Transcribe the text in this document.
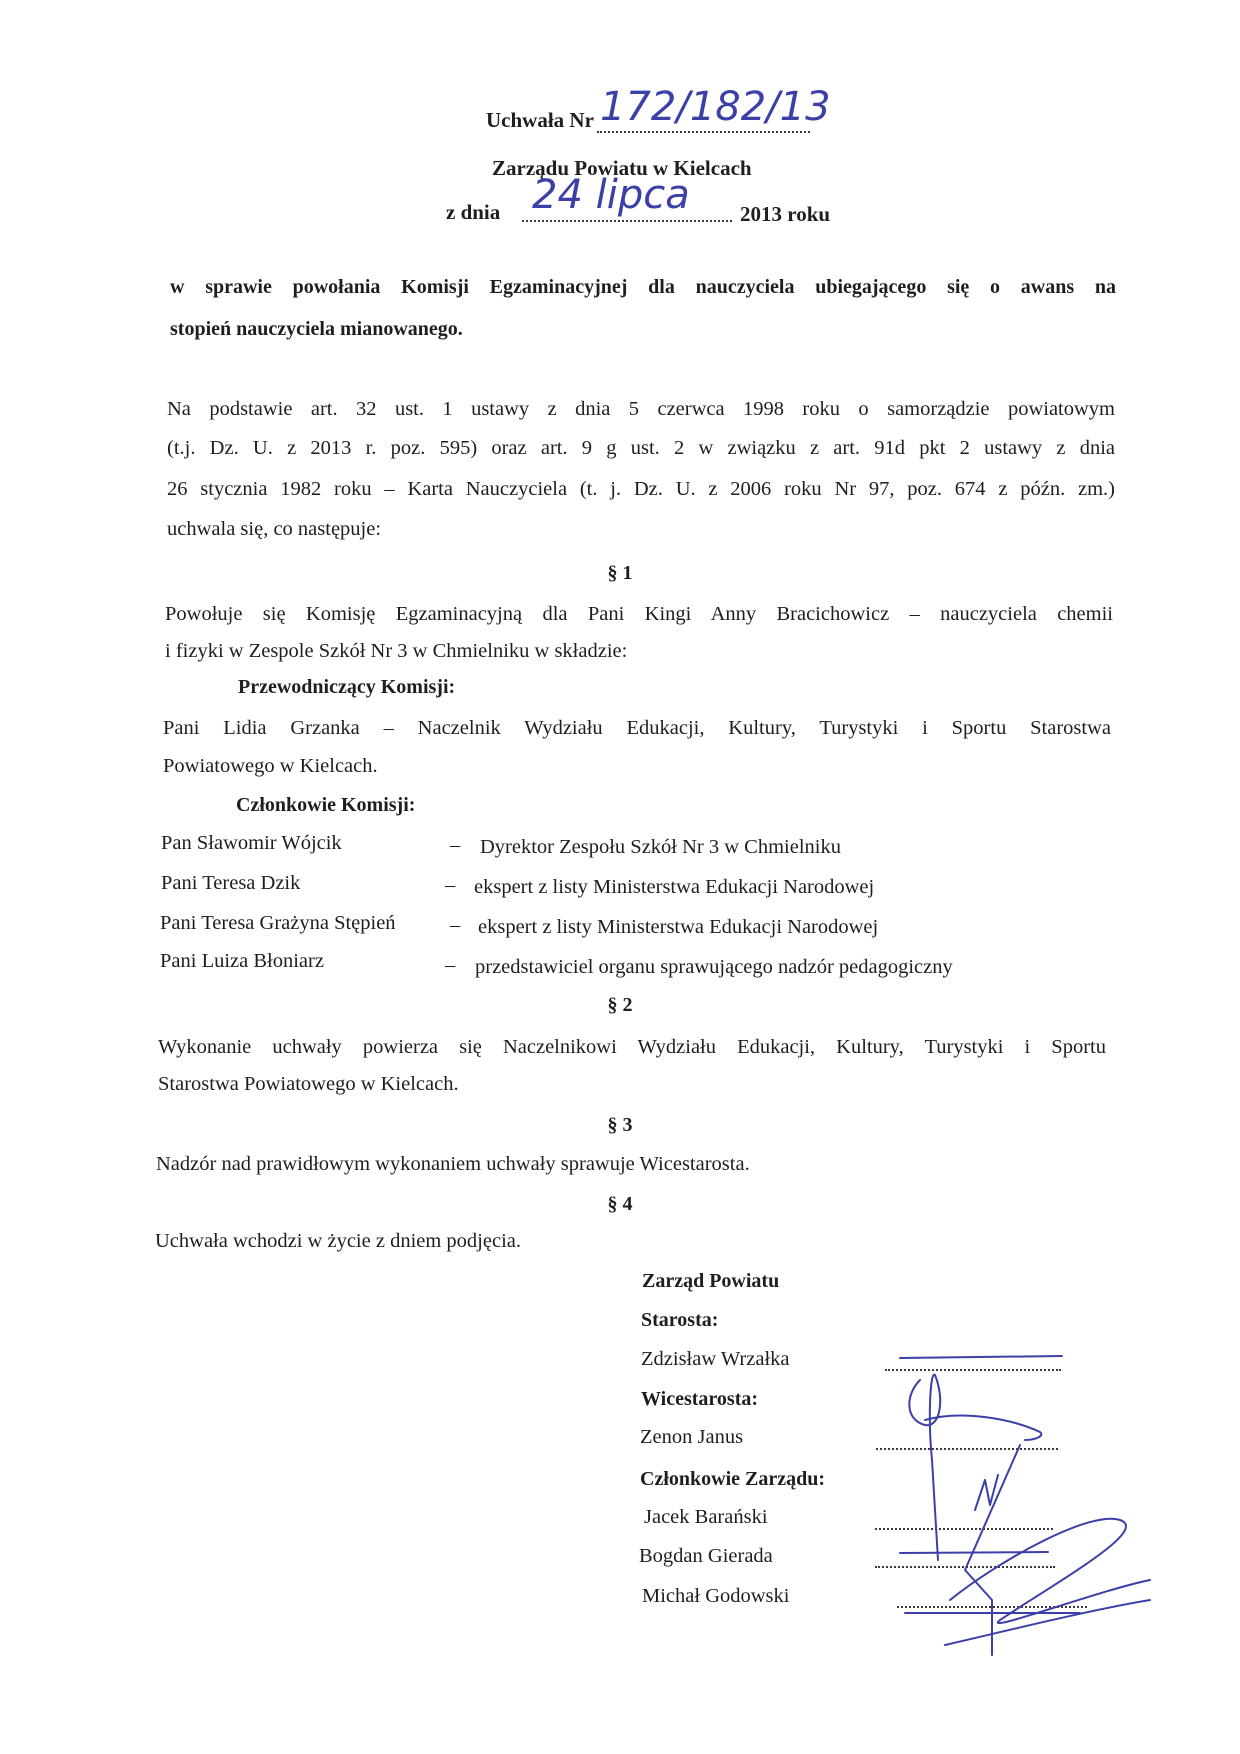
Uchwała Nr 172/182/13
Zarządu Powiatu w Kielcach
z dnia 24 lipca 2013 roku
w sprawie powołania Komisji Egzaminacyjnej dla nauczyciela ubiegającego się o awans na
stopień nauczyciela mianowanego.
Na podstawie art. 32 ust. 1 ustawy z dnia 5 czerwca 1998 roku o samorządzie powiatowym
(t.j. Dz. U. z 2013 r. poz. 595) oraz art. 9 g ust. 2 w związku z art. 91d pkt 2 ustawy z dnia
26 stycznia 1982 roku – Karta Nauczyciela (t. j. Dz. U. z 2006 roku Nr 97, poz. 674 z późn. zm.)
uchwala się, co następuje:
§ 1
Powołuje się Komisję Egzaminacyjną dla Pani Kingi Anny Bracichowicz – nauczyciela chemii
i fizyki w Zespole Szkół Nr 3 w Chmielniku w składzie:
Przewodniczący Komisji:
Pani Lidia Grzanka – Naczelnik Wydziału Edukacji, Kultury, Turystyki i Sportu Starostwa
Powiatowego w Kielcach.
Członkowie Komisji:
Pan Sławomir Wójcik	– Dyrektor Zespołu Szkół Nr 3 w Chmielniku
Pani Teresa Dzik	– ekspert z listy Ministerstwa Edukacji Narodowej
Pani Teresa Grażyna Stępień	– ekspert z listy Ministerstwa Edukacji Narodowej
Pani Luiza Błoniarz	– przedstawiciel organu sprawującego nadzór pedagogiczny
§ 2
Wykonanie uchwały powierza się Naczelnikowi Wydziału Edukacji, Kultury, Turystyki i Sportu
Starostwa Powiatowego w Kielcach.
§ 3
Nadzór nad prawidłowym wykonaniem uchwały sprawuje Wicestarosta.
§ 4
Uchwała wchodzi w życie z dniem podjęcia.
Zarząd Powiatu
Starosta:
Zdzisław Wrzałka
Wicestarosta:
Zenon Janus
Członkowie Zarządu:
Jacek Barański
Bogdan Gierada
Michał Godowski
